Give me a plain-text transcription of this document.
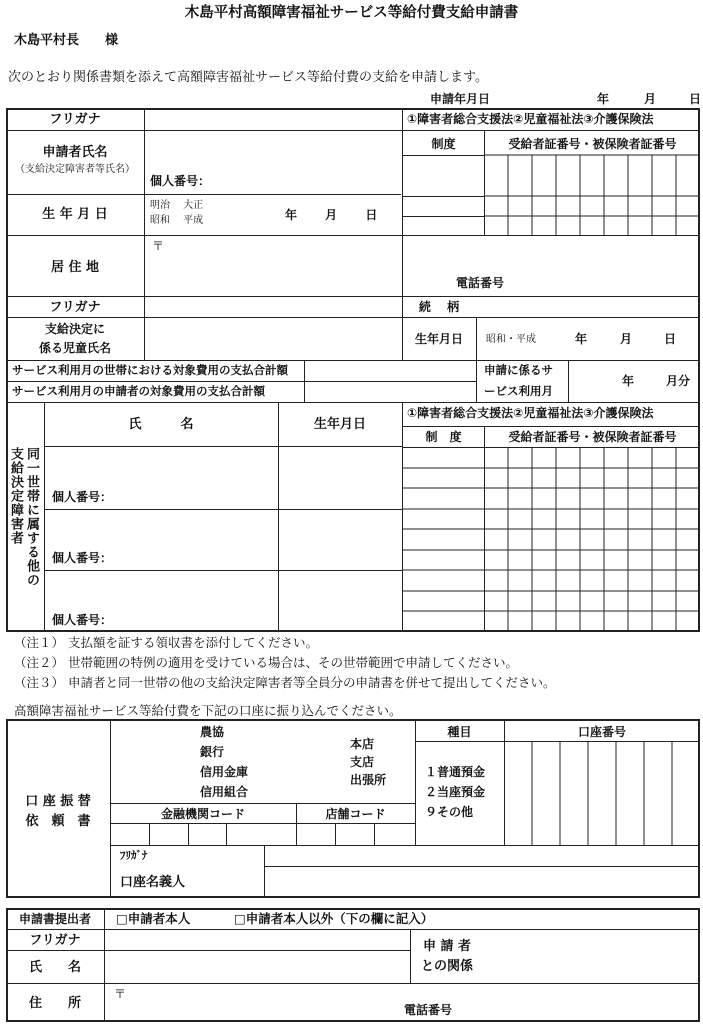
木島平村高額障害福祉サービス等給付費支給申請書
木島平村長　　様
次のとおり関係書類を添えて高額障害福祉サービス等給付費の支給を申請します。
申請年月日	年	月	日
フリガナ
申請者氏名
（支給決定障害者等氏名）
個人番号：
①障害者総合支援法②児童福祉法③介護保険法
制度	受給者証番号・被保険者証番号
生 年 月 日
明治　 大正
昭和　 平成	年　　 月　　 日
居 住 地
〒
電話番号
フリガナ	続　 柄
支給決定に
係る児童氏名
生年月日	昭和・平成	年	月	日
サービス利用月の世帯における対象費用の支払合計額
サービス利用月の申請者の対象費用の支払合計額
申請に係るサ
ービス利用月
年	月分
同一世帯に属する他の
支給決定障害者
氏　　　名	生年月日
①障害者総合支援法②児童福祉法③介護保険法
制　度	受給者証番号・被保険者証番号
個人番号：
個人番号：
個人番号：
（注１） 支払額を証する領収書を添付してください。
（注２） 世帯範囲の特例の適用を受けている場合は、その世帯範囲で申請してください。
（注３） 申請者と同一世帯の他の支給決定障害者等全員分の申請書を併せて提出してください。
高額障害福祉サービス等給付費を下記の口座に振り込んでください。
口 座 振 替
依　頼　書
農協
銀行
信用金庫
信用組合
本店
支店
出張所
種目	口座番号
１普通預金
２当座預金
９その他
金融機関コード	店舗コード
ﾌﾘｶﾞﾅ
口座名義人
申請書提出者	□申請者本人	□申請者本人以外（下の欄に記入）
フリガナ
氏　　名
申 請 者
との関係
住　　所
〒
電話番号
